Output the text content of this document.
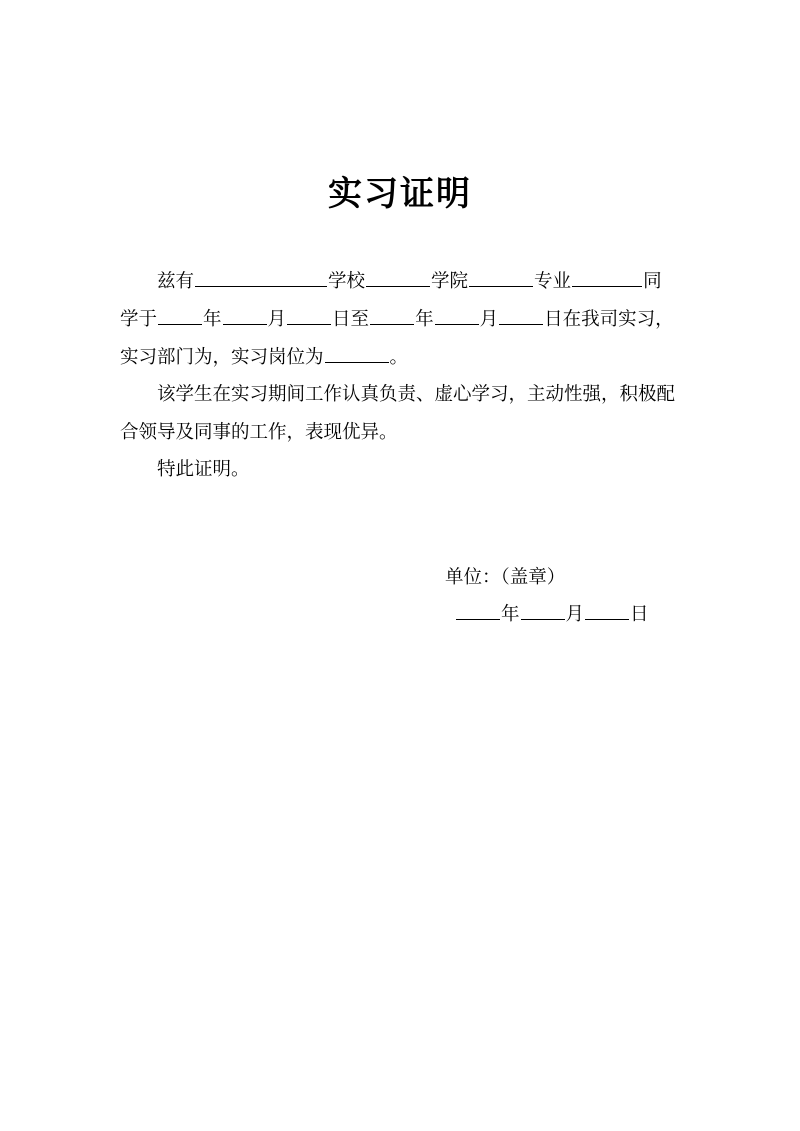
实习证明
兹有	学校	学院	专业	同
学于 年 月 日至 年 月 日在我司实习，
实习部门为，实习岗位为	。
该学生在实习期间工作认真负责、虚心学习，主动性强，积极配
合领导及同事的工作，表现优异。
特此证明。
单位：（盖章）
年 月 日
